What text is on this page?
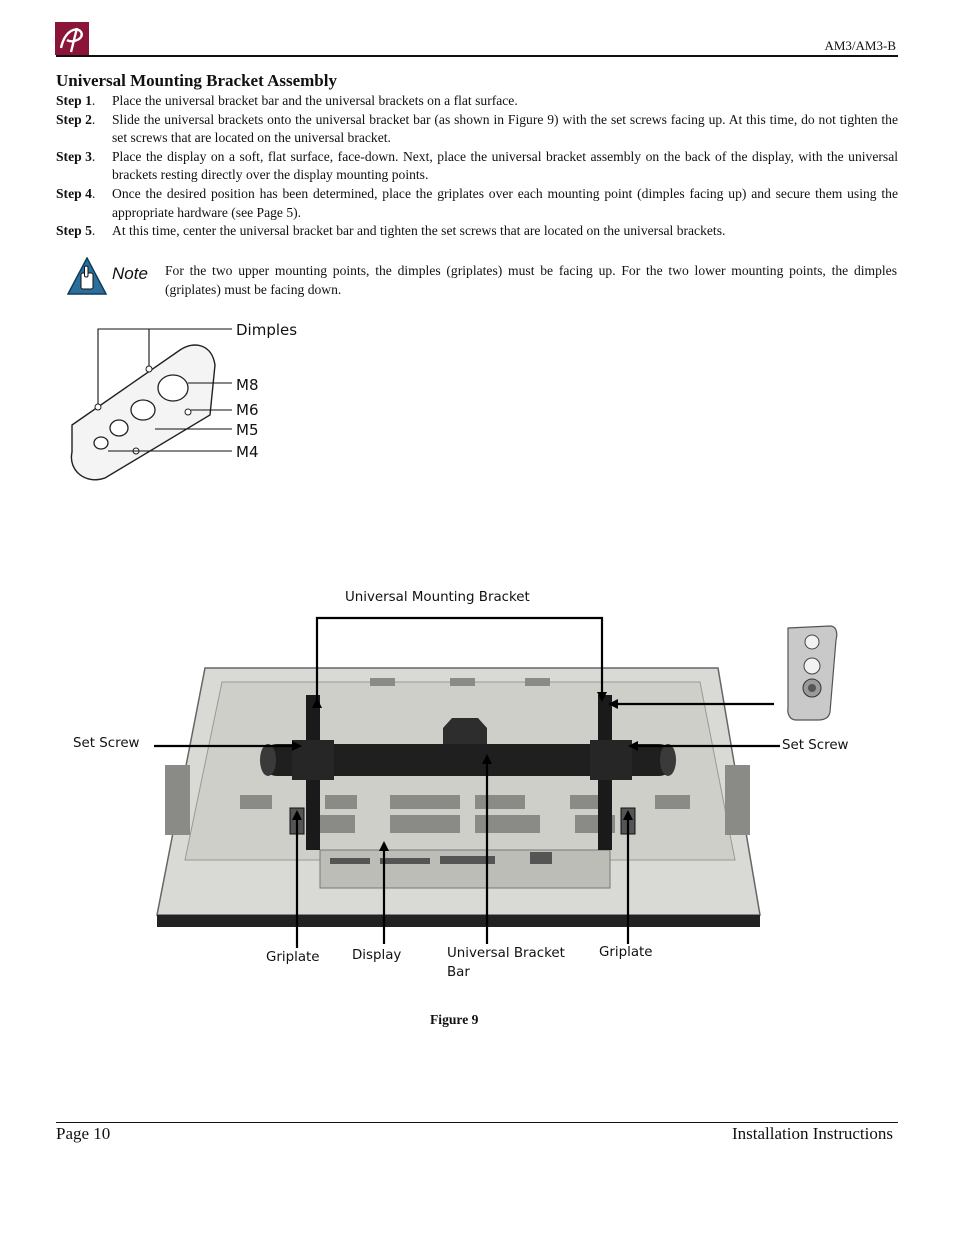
AM3/AM3-B
Universal Mounting Bracket Assembly
Step 1.	Place the universal bracket bar and the universal brackets on a flat surface.
Step 2.	Slide the universal brackets onto the universal bracket bar (as shown in Figure 9) with the set screws facing up. At this time, do not tighten the set screws that are located on the universal bracket.
Step 3.	Place the display on a soft, flat surface, face-down. Next, place the universal bracket assembly on the back of the display, with the universal brackets resting directly over the display mounting points.
Step 4.	Once the desired position has been determined, place the griplates over each mounting point (dimples facing up) and secure them using the appropriate hardware (see Page 5).
Step 5.	At this time, center the universal bracket bar and tighten the set screws that are located on the universal brackets.
Note For the two upper mounting points, the dimples (griplates) must be facing up. For the two lower mounting points, the dimples (griplates) must be facing down.
Dimples
M8
M6
M5
M4
Universal Mounting Bracket
Set Screw	Set Screw
Griplate Display	Universal Bracket Bar
Griplate
Figure 9
Page 10	Installation Instructions
